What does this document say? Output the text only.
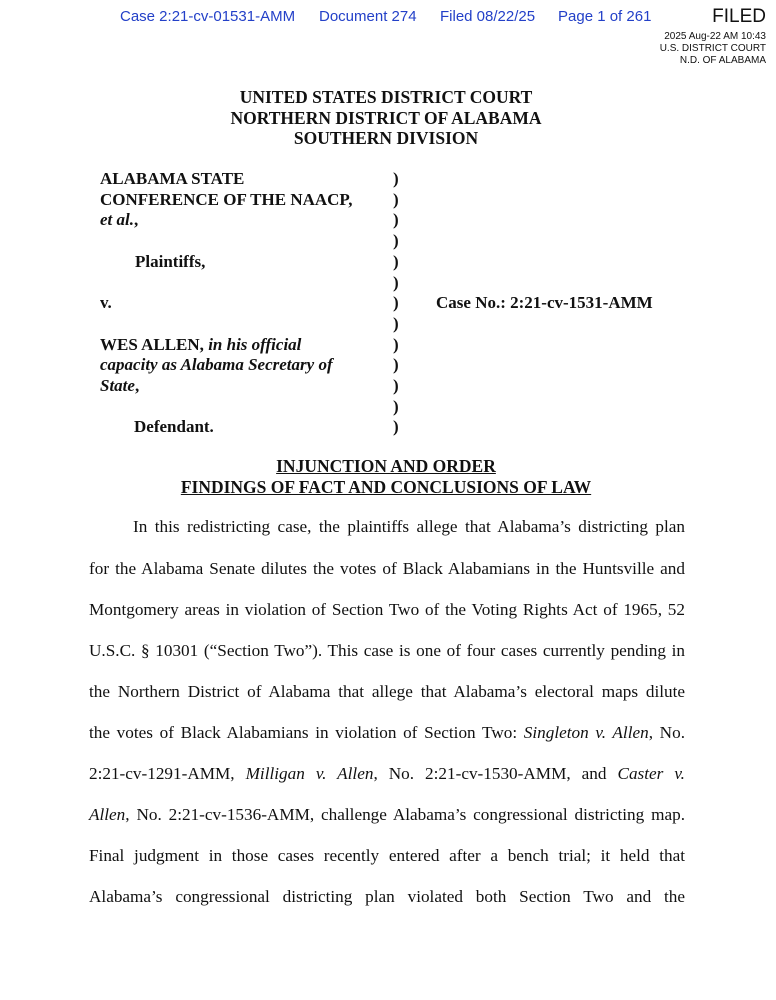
Case 2:21-cv-01531-AMM Document 274 Filed 08/22/25 Page 1 of 261	FILED
2025 Aug-22 AM 10:43
U.S. DISTRICT COURT
N.D. OF ALABAMA
UNITED STATES DISTRICT COURT
NORTHERN DISTRICT OF ALABAMA
SOUTHERN DIVISION
ALABAMA STATE
CONFERENCE OF THE NAACP,
et al.,
Plaintiffs,
v.
WES ALLEN, in his official
capacity as Alabama Secretary of
State,
Defendant.
)
)
)
)
)
)
)
)
)
)
)
)
)
Case No.: 2:21-cv-1531-AMM
INJUNCTION AND ORDER
FINDINGS OF FACT AND CONCLUSIONS OF LAW
In this redistricting case, the plaintiffs allege that Alabama’s districting plan
for the Alabama Senate dilutes the votes of Black Alabamians in the Huntsville and
Montgomery areas in violation of Section Two of the Voting Rights Act of 1965, 52
U.S.C. § 10301 (“Section Two”). This case is one of four cases currently pending in
the Northern District of Alabama that allege that Alabama’s electoral maps dilute
the votes of Black Alabamians in violation of Section Two: Singleton v. Allen, No.
2:21-cv-1291-AMM, Milligan v. Allen, No. 2:21-cv-1530-AMM, and Caster v.
Allen, No. 2:21-cv-1536-AMM, challenge Alabama’s congressional districting map.
Final judgment in those cases recently entered after a bench trial; it held that
Alabama’s congressional districting plan violated both Section Two and the
